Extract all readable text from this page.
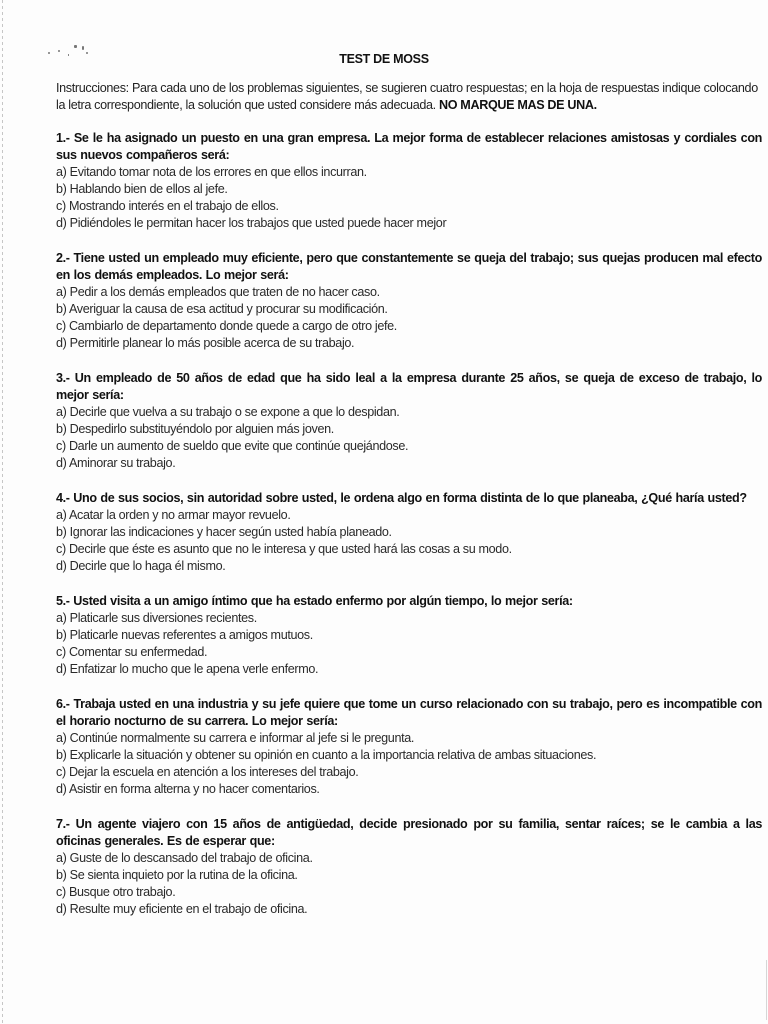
TEST DE MOSS

Instrucciones: Para cada uno de los problemas siguientes, se sugieren cuatro respuestas; en la hoja de respuestas indique colocando la letra correspondiente, la solución que usted considere más adecuada. NO MARQUE MAS DE UNA.

1.- Se le ha asignado un puesto en una gran empresa. La mejor forma de establecer relaciones amistosas y cordiales con sus nuevos compañeros será:
a) Evitando tomar nota de los errores en que ellos incurran.
b) Hablando bien de ellos al jefe.
c) Mostrando interés en el trabajo de ellos.
d) Pidiéndoles le permitan hacer los trabajos que usted puede hacer mejor
2.- Tiene usted un empleado muy eficiente, pero que constantemente se queja del trabajo; sus quejas producen mal efecto en los demás empleados. Lo mejor será:
a) Pedir a los demás empleados que traten de no hacer caso.
b) Averiguar la causa de esa actitud y procurar su modificación.
c) Cambiarlo de departamento donde quede a cargo de otro jefe.
d) Permitirle planear lo más posible acerca de su trabajo.
3.- Un empleado de 50 años de edad que ha sido leal a la empresa durante 25 años, se queja de exceso de trabajo, lo mejor sería:
a) Decirle que vuelva a su trabajo o se expone a que lo despidan.
b) Despedirlo substituyéndolo por alguien más joven.
c) Darle un aumento de sueldo que evite que continúe quejándose.
d) Aminorar su trabajo.
4.- Uno de sus socios, sin autoridad sobre usted, le ordena algo en forma distinta de lo que planeaba, ¿Qué haría usted?
a) Acatar la orden y no armar mayor revuelo.
b) Ignorar las indicaciones y hacer según usted había planeado.
c) Decirle que éste es asunto que no le interesa y que usted hará las cosas a su modo.
d) Decirle que lo haga él mismo.
5.- Usted visita a un amigo íntimo que ha estado enfermo por algún tiempo, lo mejor sería:
a) Platicarle sus diversiones recientes.
b) Platicarle nuevas referentes a amigos mutuos.
c) Comentar su enfermedad.
d) Enfatizar lo mucho que le apena verle enfermo.
6.- Trabaja usted en una industria y su jefe quiere que tome un curso relacionado con su trabajo, pero es incompatible con el horario nocturno de su carrera. Lo mejor sería:
a) Continúe normalmente su carrera e informar al jefe si le pregunta.
b) Explicarle la situación y obtener su opinión en cuanto a la importancia relativa de ambas situaciones.
c) Dejar la escuela en atención a los intereses del trabajo.
d) Asistir en forma alterna y no hacer comentarios.
7.- Un agente viajero con 15 años de antigüedad, decide presionado por su familia, sentar raíces; se le cambia a las oficinas generales. Es de esperar que:
a) Guste de lo descansado del trabajo de oficina.
b) Se sienta inquieto por la rutina de la oficina.
c) Busque otro trabajo.
d) Resulte muy eficiente en el trabajo de oficina.
